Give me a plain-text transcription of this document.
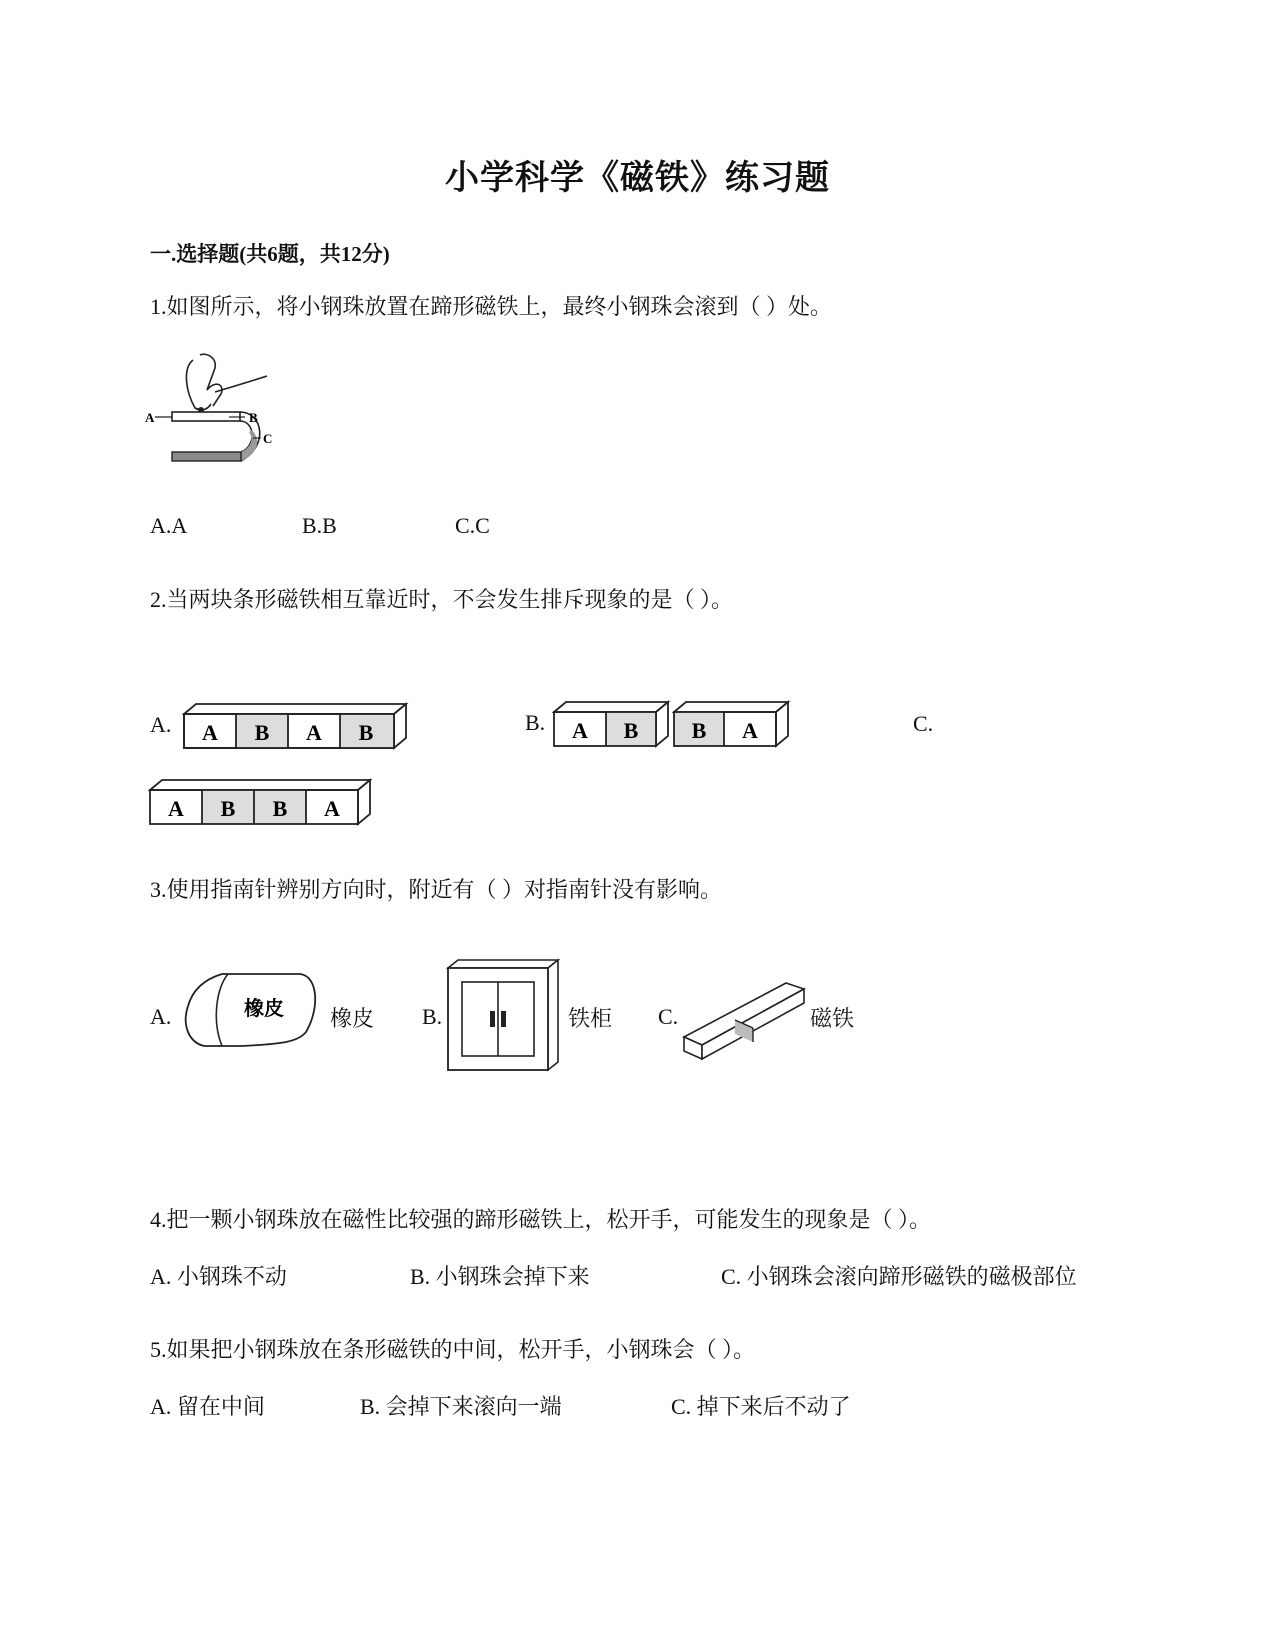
小学科学《磁铁》练习题
一.选择题(共6题，共12分)
1.如图所示，将小钢珠放置在蹄形磁铁上，最终小钢珠会滚到（ ）处。
A	B
C
A.A	B.B	C.C
2.当两块条形磁铁相互靠近时，不会发生排斥现象的是（ ）。
A. A B A B	B. A B B A	C.
A B B A
3.使用指南针辨别方向时，附近有（ ）对指南针没有影响。
A.	橡皮 橡皮 B.	铁柜 C.	磁铁
4.把一颗小钢珠放在磁性比较强的蹄形磁铁上，松开手，可能发生的现象是（ ）。
A. 小钢珠不动	B. 小钢珠会掉下来	C. 小钢珠会滚向蹄形磁铁的磁极部位
5.如果把小钢珠放在条形磁铁的中间，松开手，小钢珠会（ ）。
A. 留在中间	B. 会掉下来滚向一端	C. 掉下来后不动了
